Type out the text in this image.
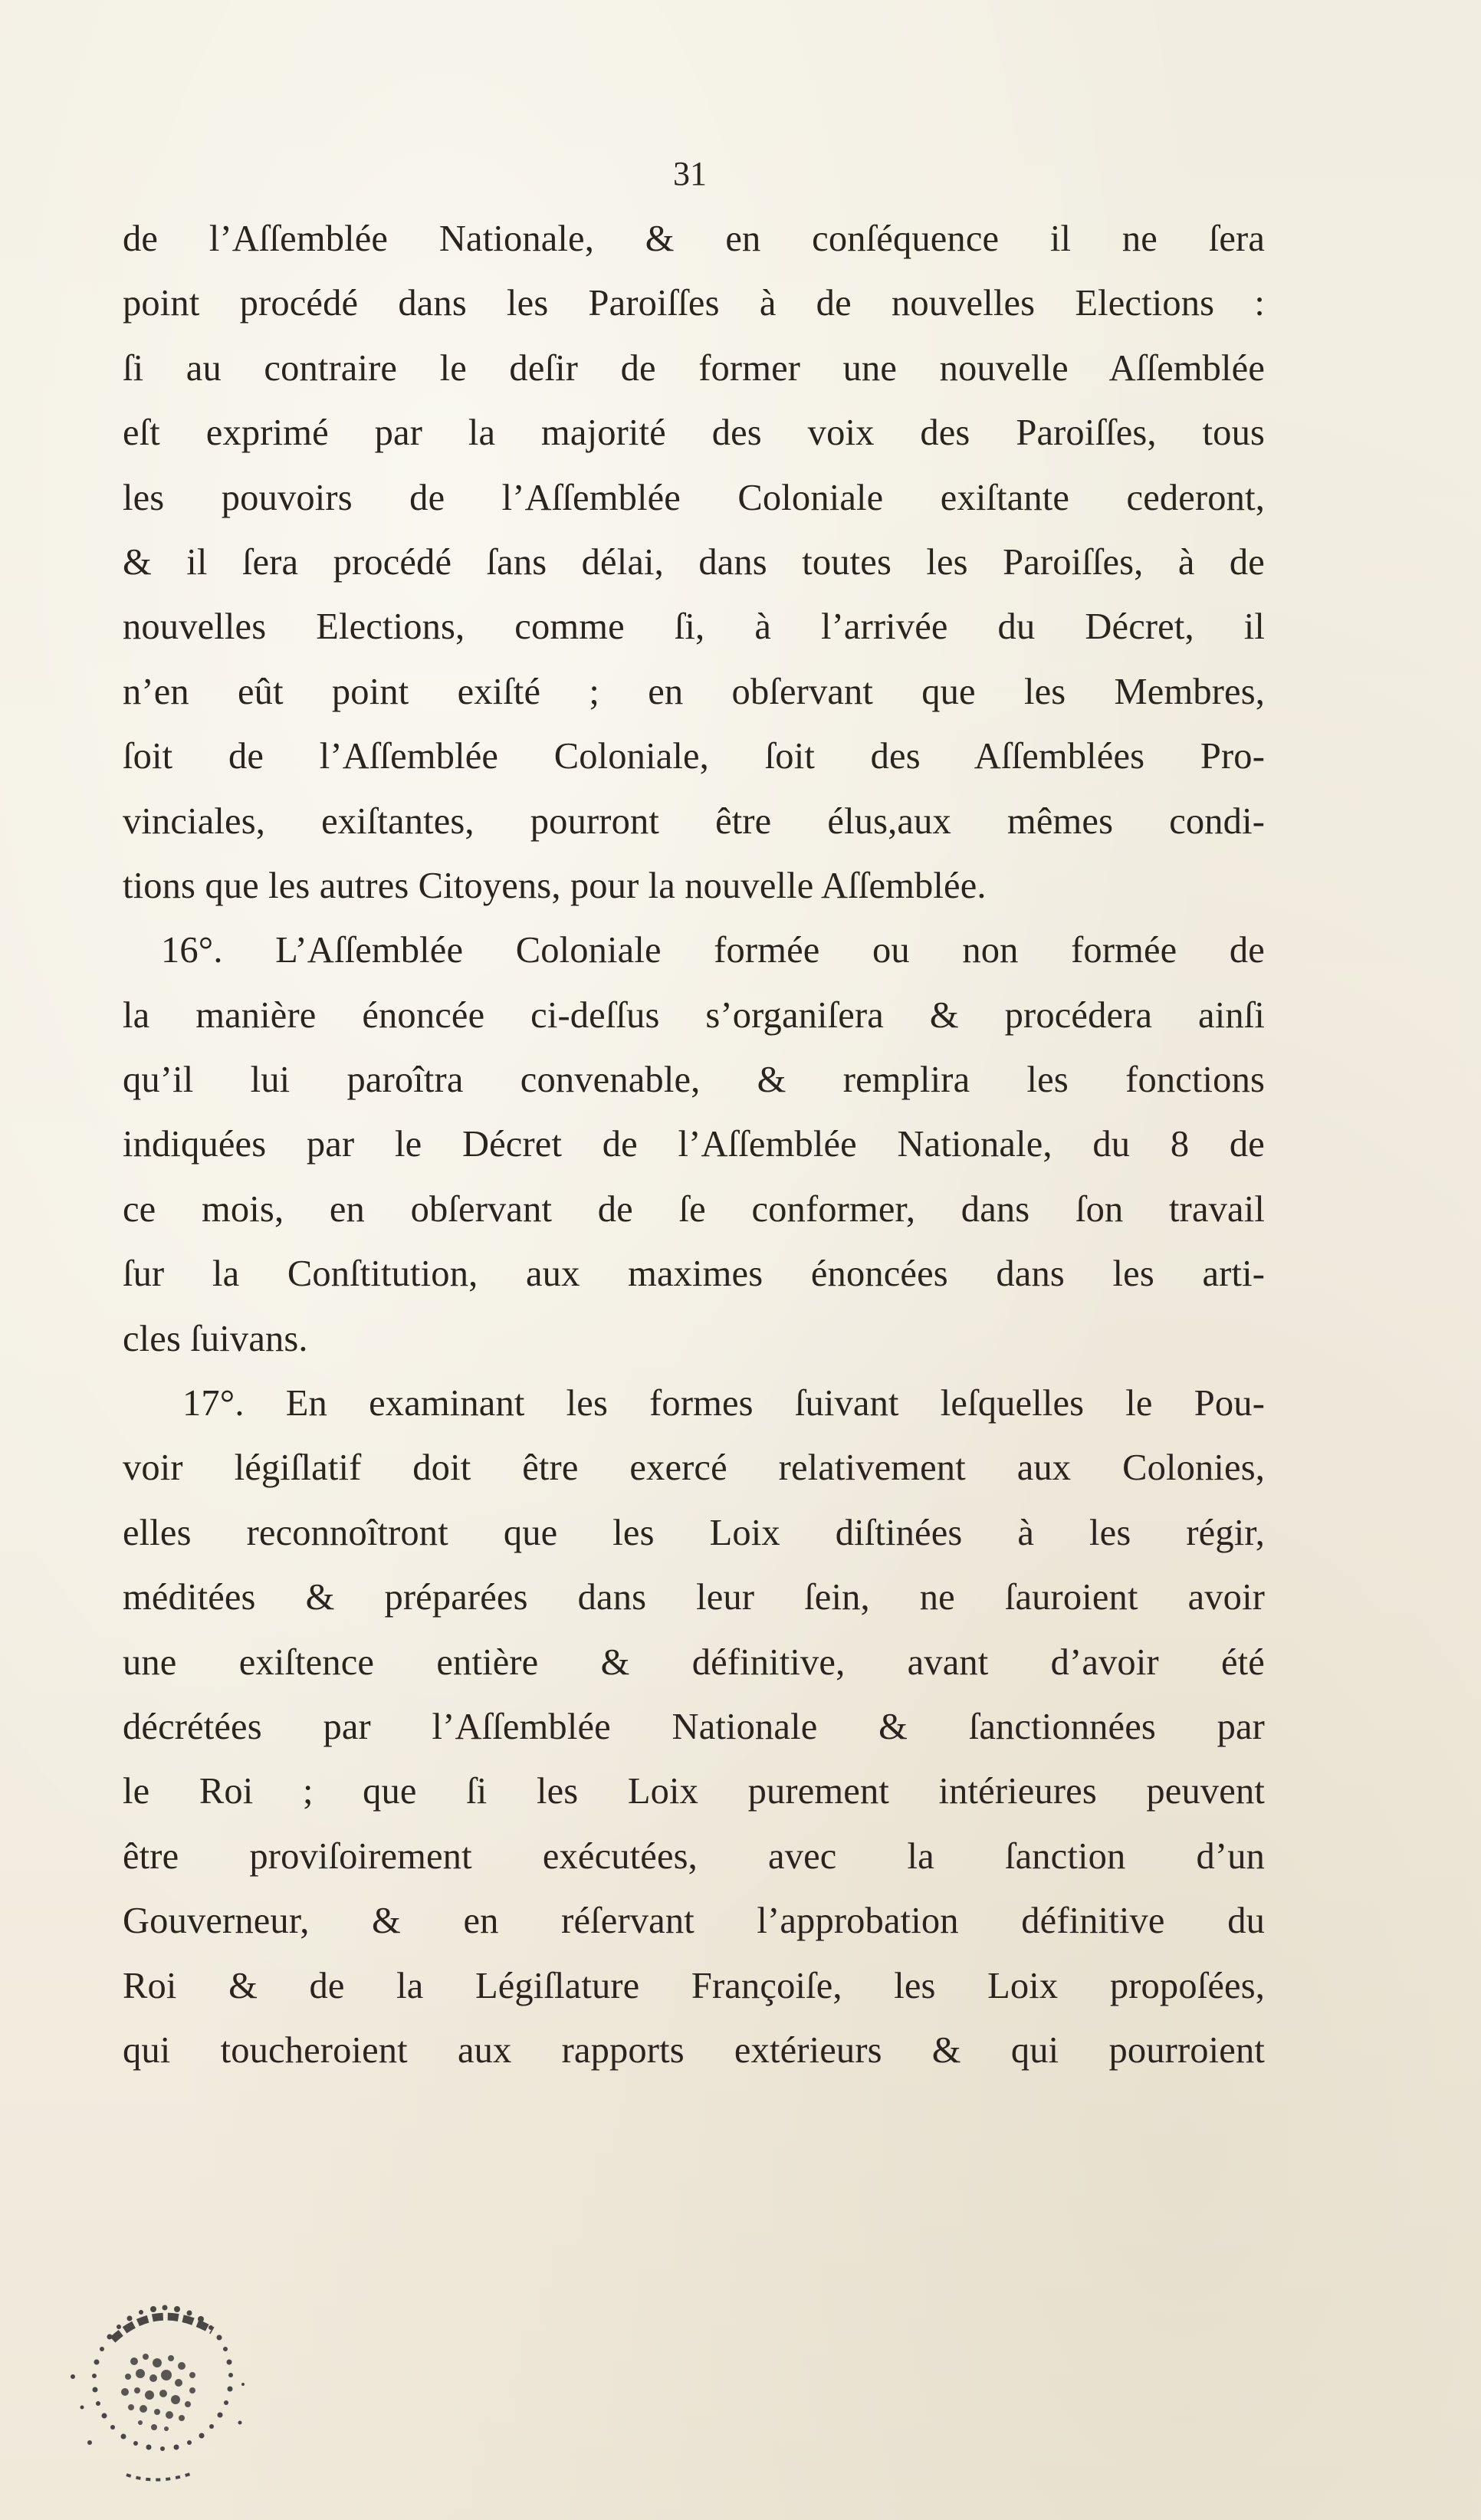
31
de l’Aſſemblée Nationale, & en conſéquence il ne ſera
point procédé dans les Paroiſſes à de nouvelles Elections :
ſi au contraire le deſir de former une nouvelle Aſſemblée
eſt exprimé par la majorité des voix des Paroiſſes, tous
les pouvoirs de l’Aſſemblée Coloniale exiſtante cederont,
& il ſera procédé ſans délai, dans toutes les Paroiſſes, à de
nouvelles Elections, comme ſi, à l’arrivée du Décret, il
n’en eût point exiſté ; en obſervant que les Membres,
ſoit de l’Aſſemblée Coloniale, ſoit des Aſſemblées Pro-
vinciales, exiſtantes, pourront être élus,aux mêmes condi-
tions que les autres Citoyens, pour la nouvelle Aſſemblée.
16°. L’Aſſemblée Coloniale formée ou non formée de
la manière énoncée ci-deſſus s’organiſera & procédera ainſi
qu’il lui paroîtra convenable, & remplira les fonctions
indiquées par le Décret de l’Aſſemblée Nationale, du 8 de
ce mois, en obſervant de ſe conformer, dans ſon travail
ſur la Conſtitution, aux maximes énoncées dans les arti-
cles ſuivans.
17°. En examinant les formes ſuivant leſquelles le Pou-
voir légiſlatif doit être exercé relativement aux Colonies,
elles reconnoîtront que les Loix diſtinées à les régir,
méditées & préparées dans leur ſein, ne ſauroient avoir
une exiſtence entière & définitive, avant d’avoir été
décrétées par l’Aſſemblée Nationale & ſanctionnées par
le Roi ; que ſi les Loix purement intérieures peuvent
être proviſoirement exécutées, avec la ſanction d’un
Gouverneur, & en réſervant l’approbation définitive du
Roi & de la Légiſlature Françoiſe, les Loix propoſées,
qui toucheroient aux rapports extérieurs & qui pourroient
